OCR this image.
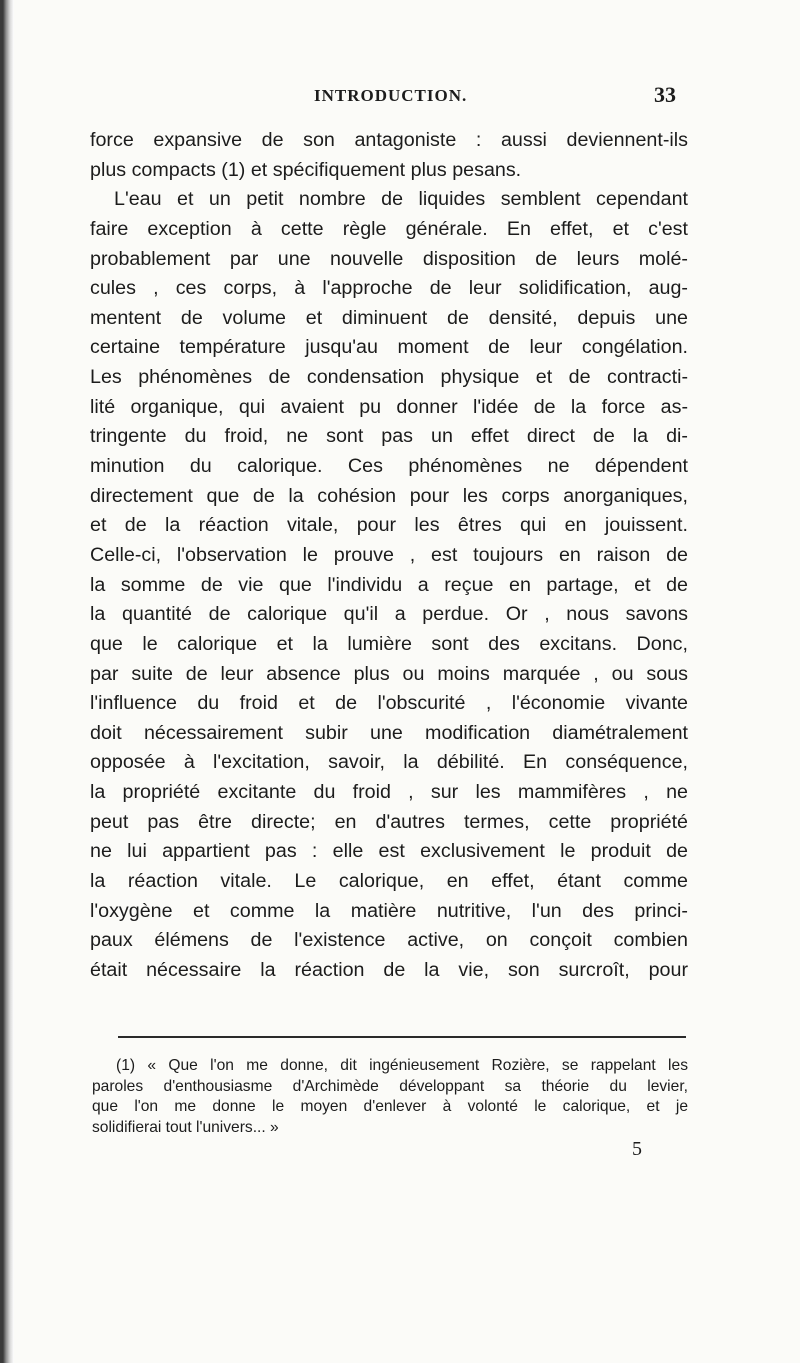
INTRODUCTION.	33
force expansive de son antagoniste : aussi deviennent-ils
plus compacts (1) et spécifiquement plus pesans.
L'eau et un petit nombre de liquides semblent cependant
faire exception à cette règle générale. En effet, et c'est
probablement par une nouvelle disposition de leurs molé-
cules , ces corps, à l'approche de leur solidification, aug-
mentent de volume et diminuent de densité, depuis une
certaine température jusqu'au moment de leur congélation.
Les phénomènes de condensation physique et de contracti-
lité organique, qui avaient pu donner l'idée de la force as-
tringente du froid, ne sont pas un effet direct de la di-
minution du calorique. Ces phénomènes ne dépendent
directement que de la cohésion pour les corps anorganiques,
et de la réaction vitale, pour les êtres qui en jouissent.
Celle-ci, l'observation le prouve , est toujours en raison de
la somme de vie que l'individu a reçue en partage, et de
la quantité de calorique qu'il a perdue. Or , nous savons
que le calorique et la lumière sont des excitans. Donc,
par suite de leur absence plus ou moins marquée , ou sous
l'influence du froid et de l'obscurité , l'économie vivante
doit nécessairement subir une modification diamétralement
opposée à l'excitation, savoir, la débilité. En conséquence,
la propriété excitante du froid , sur les mammifères , ne
peut pas être directe; en d'autres termes, cette propriété
ne lui appartient pas : elle est exclusivement le produit de
la réaction vitale. Le calorique, en effet, étant comme
l'oxygène et comme la matière nutritive, l'un des princi-
paux élémens de l'existence active, on conçoit combien
était nécessaire la réaction de la vie, son surcroît, pour
(1) « Que l'on me donne, dit ingénieusement Rozière, se rappelant les
paroles d'enthousiasme d'Archimède développant sa théorie du levier,
que l'on me donne le moyen d'enlever à volonté le calorique, et je
solidifierai tout l'univers... »
5
